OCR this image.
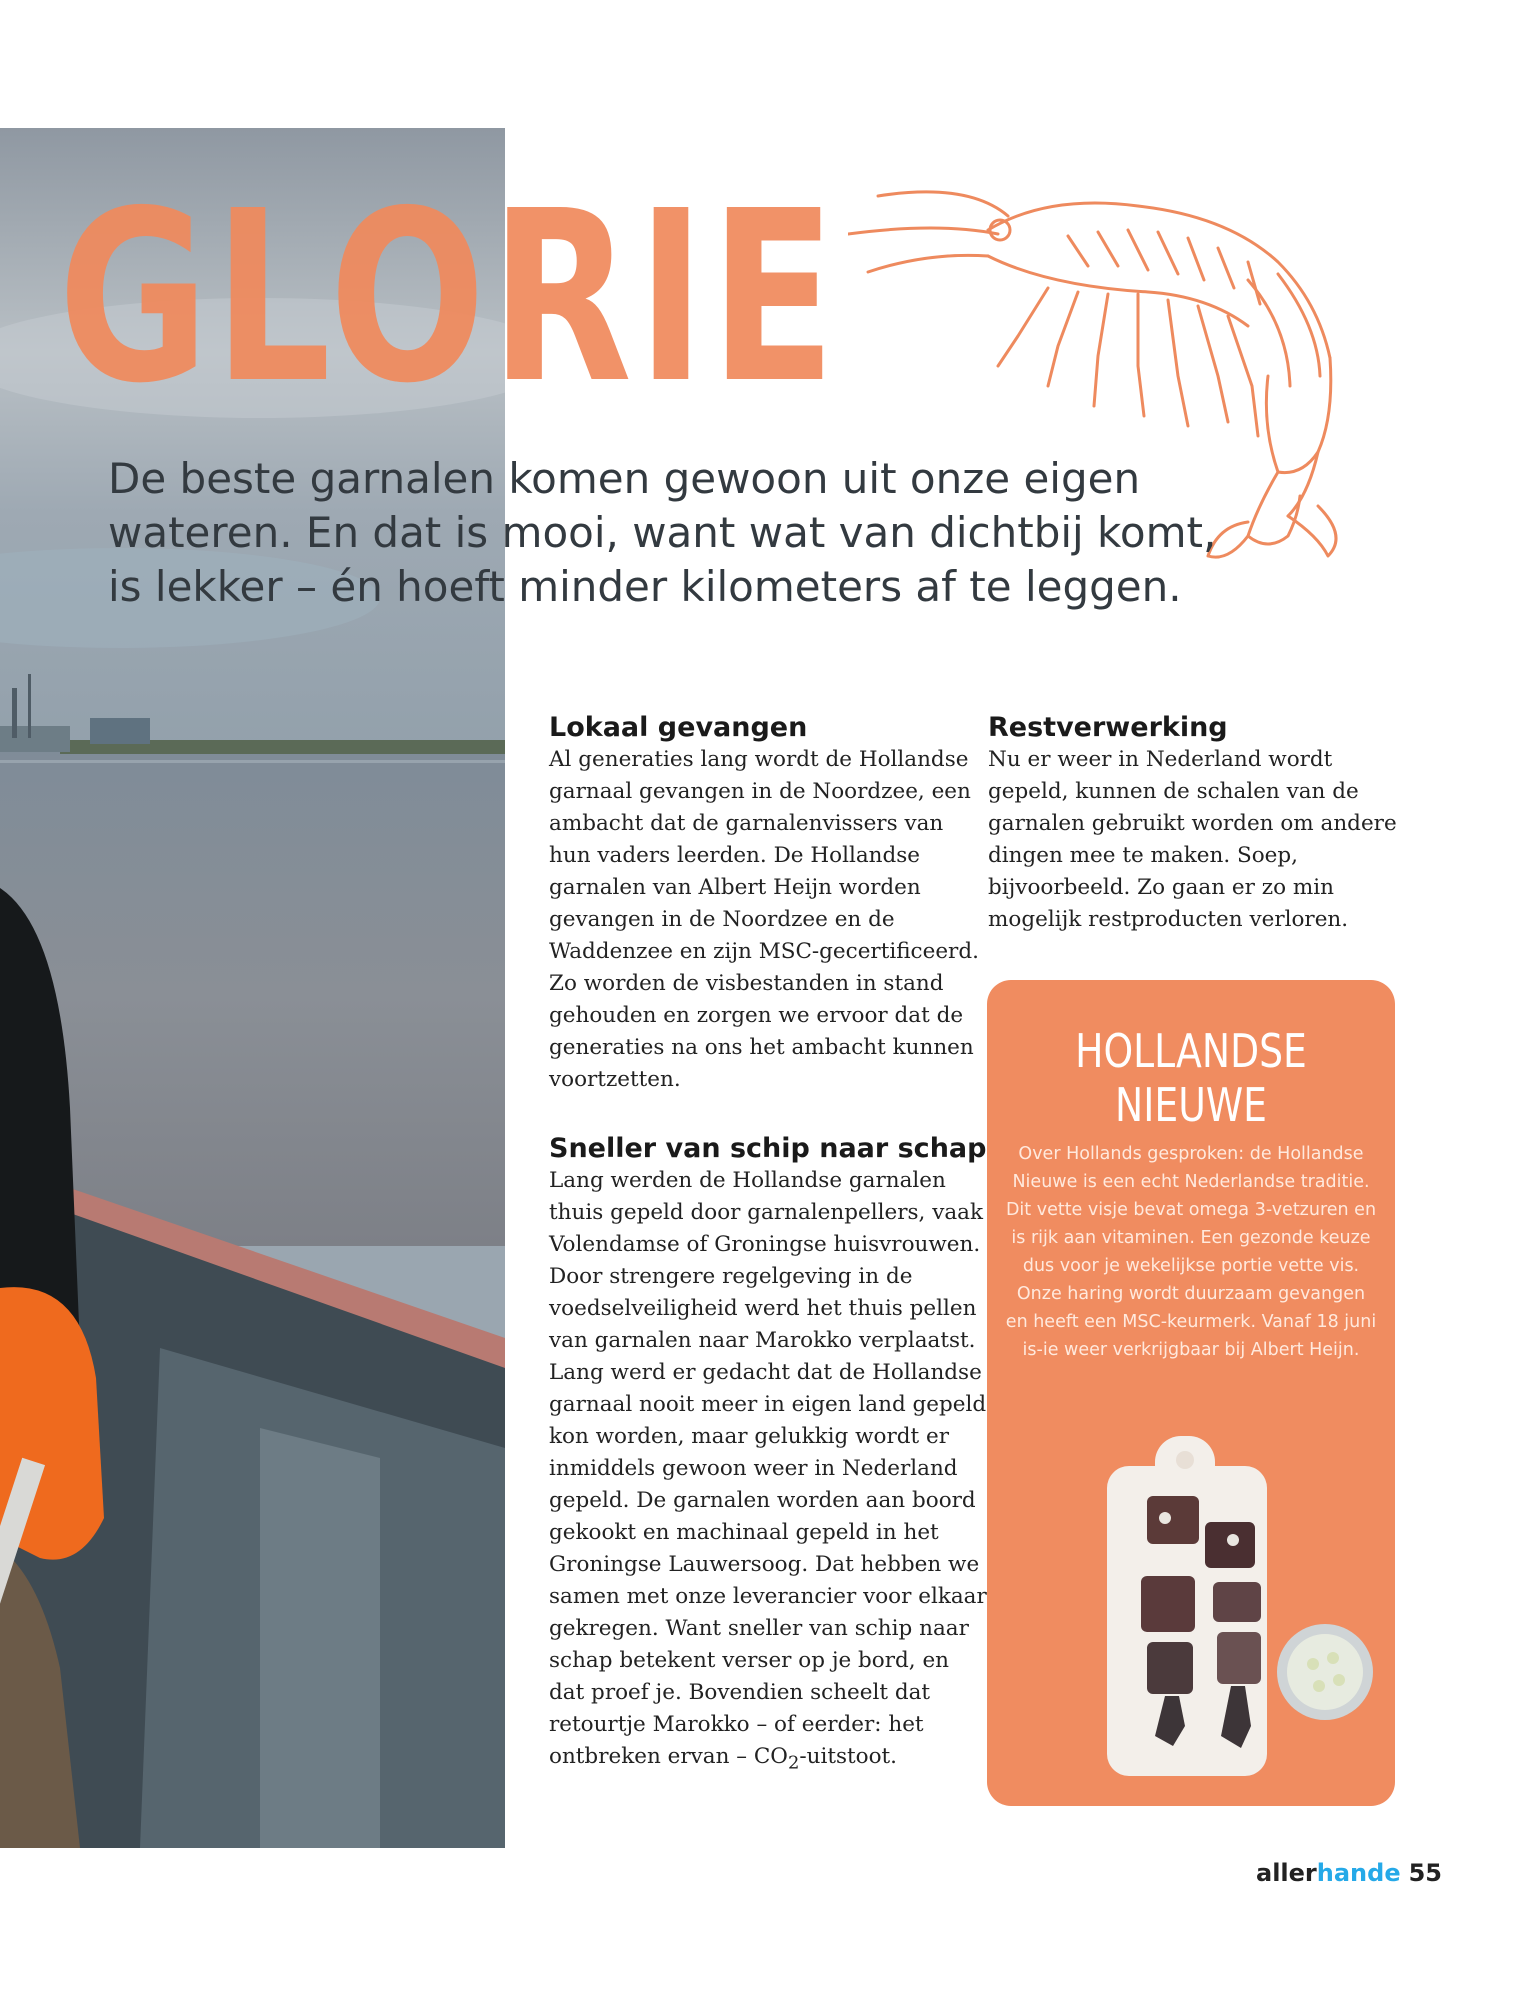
GLORIE

De beste garnalen komen gewoon uit onze eigen wateren. En dat is mooi, want wat van dichtbij komt, is lekker – én hoeft minder kilometers af te leggen.

Lokaal gevangen

Al generaties lang wordt de Hollandse garnaal gevangen in de Noordzee, een ambacht dat de garnalenvissers van hun vaders leerden. De Hollandse garnalen van Albert Heijn worden gevangen in de Noordzee en de Waddenzee en zijn MSC-gecertificeerd. Zo worden de visbestanden in stand gehouden en zorgen we ervoor dat de generaties na ons het ambacht kunnen voortzetten.

Sneller van schip naar schap

Lang werden de Hollandse garnalen thuis gepeld door garnalenpellers, vaak Volendamse of Groningse huisvrouwen. Door strengere regelgeving in de voedselveiligheid werd het thuis pellen van garnalen naar Marokko verplaatst. Lang werd er gedacht dat de Hollandse garnaal nooit meer in eigen land gepeld kon worden, maar gelukkig wordt er inmiddels gewoon weer in Nederland gepeld. De garnalen worden aan boord gekookt en machinaal gepeld in het Groningse Lauwersoog. Dat hebben we samen met onze leverancier voor elkaar gekregen. Want sneller van schip naar schap betekent verser op je bord, en dat proef je. Bovendien scheelt dat retourtje Marokko – of eerder: het ontbreken ervan – $CO_2$-uitstoot.

Restverwerking

Nu er weer in Nederland wordt gepeld, kunnen de schalen van de garnalen gebruikt worden om andere dingen mee te maken. Soep, bijvoorbeeld. Zo gaan er zo min mogelijk restproducten verloren.

HOLLANDSE
NIEUWE

Over Hollands gesproken: de Hollandse Nieuwe is een echt Nederlandse traditie. Dit vette visje bevat omega 3-vetzuren en is rijk aan vitaminen. Een gezonde keuze dus voor je wekelijkse portie vette vis. Onze haring wordt duurzaam gevangen en heeft een MSC-keurmerk. Vanaf 18 juni is-ie weer verkrijgbaar bij Albert Heijn.

allerhande 55
